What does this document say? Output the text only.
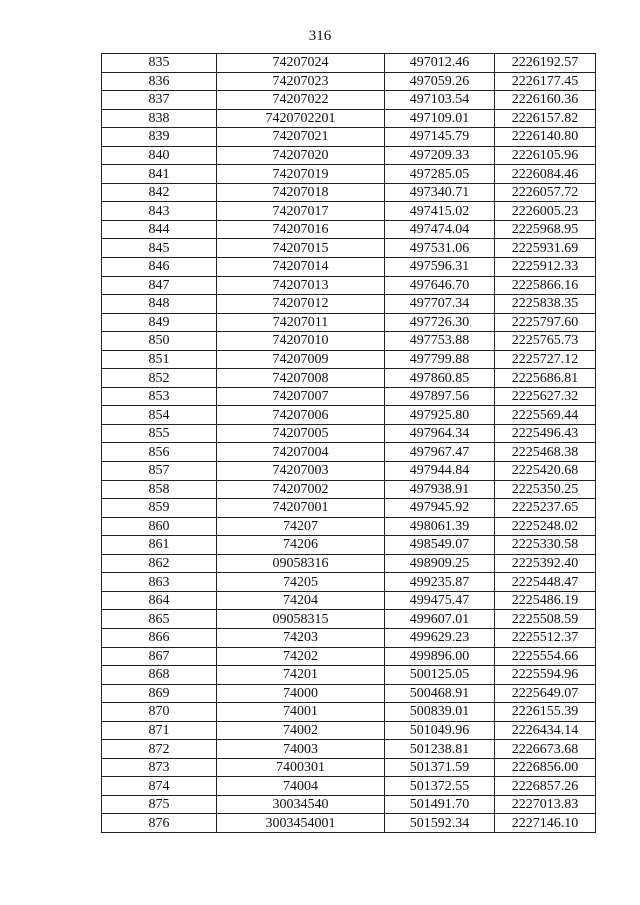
316
835	74207024	497012.46	2226192.57
836	74207023	497059.26	2226177.45
837	74207022	497103.54	2226160.36
838	7420702201	497109.01	2226157.82
839	74207021	497145.79	2226140.80
840	74207020	497209.33	2226105.96
841	74207019	497285.05	2226084.46
842	74207018	497340.71	2226057.72
843	74207017	497415.02	2226005.23
844	74207016	497474.04	2225968.95
845	74207015	497531.06	2225931.69
846	74207014	497596.31	2225912.33
847	74207013	497646.70	2225866.16
848	74207012	497707.34	2225838.35
849	74207011	497726.30	2225797.60
850	74207010	497753.88	2225765.73
851	74207009	497799.88	2225727.12
852	74207008	497860.85	2225686.81
853	74207007	497897.56	2225627.32
854	74207006	497925.80	2225569.44
855	74207005	497964.34	2225496.43
856	74207004	497967.47	2225468.38
857	74207003	497944.84	2225420.68
858	74207002	497938.91	2225350.25
859	74207001	497945.92	2225237.65
860	74207	498061.39	2225248.02
861	74206	498549.07	2225330.58
862	09058316	498909.25	2225392.40
863	74205	499235.87	2225448.47
864	74204	499475.47	2225486.19
865	09058315	499607.01	2225508.59
866	74203	499629.23	2225512.37
867	74202	499896.00	2225554.66
868	74201	500125.05	2225594.96
869	74000	500468.91	2225649.07
870	74001	500839.01	2226155.39
871	74002	501049.96	2226434.14
872	74003	501238.81	2226673.68
873	7400301	501371.59	2226856.00
874	74004	501372.55	2226857.26
875	30034540	501491.70	2227013.83
876	3003454001	501592.34	2227146.10
